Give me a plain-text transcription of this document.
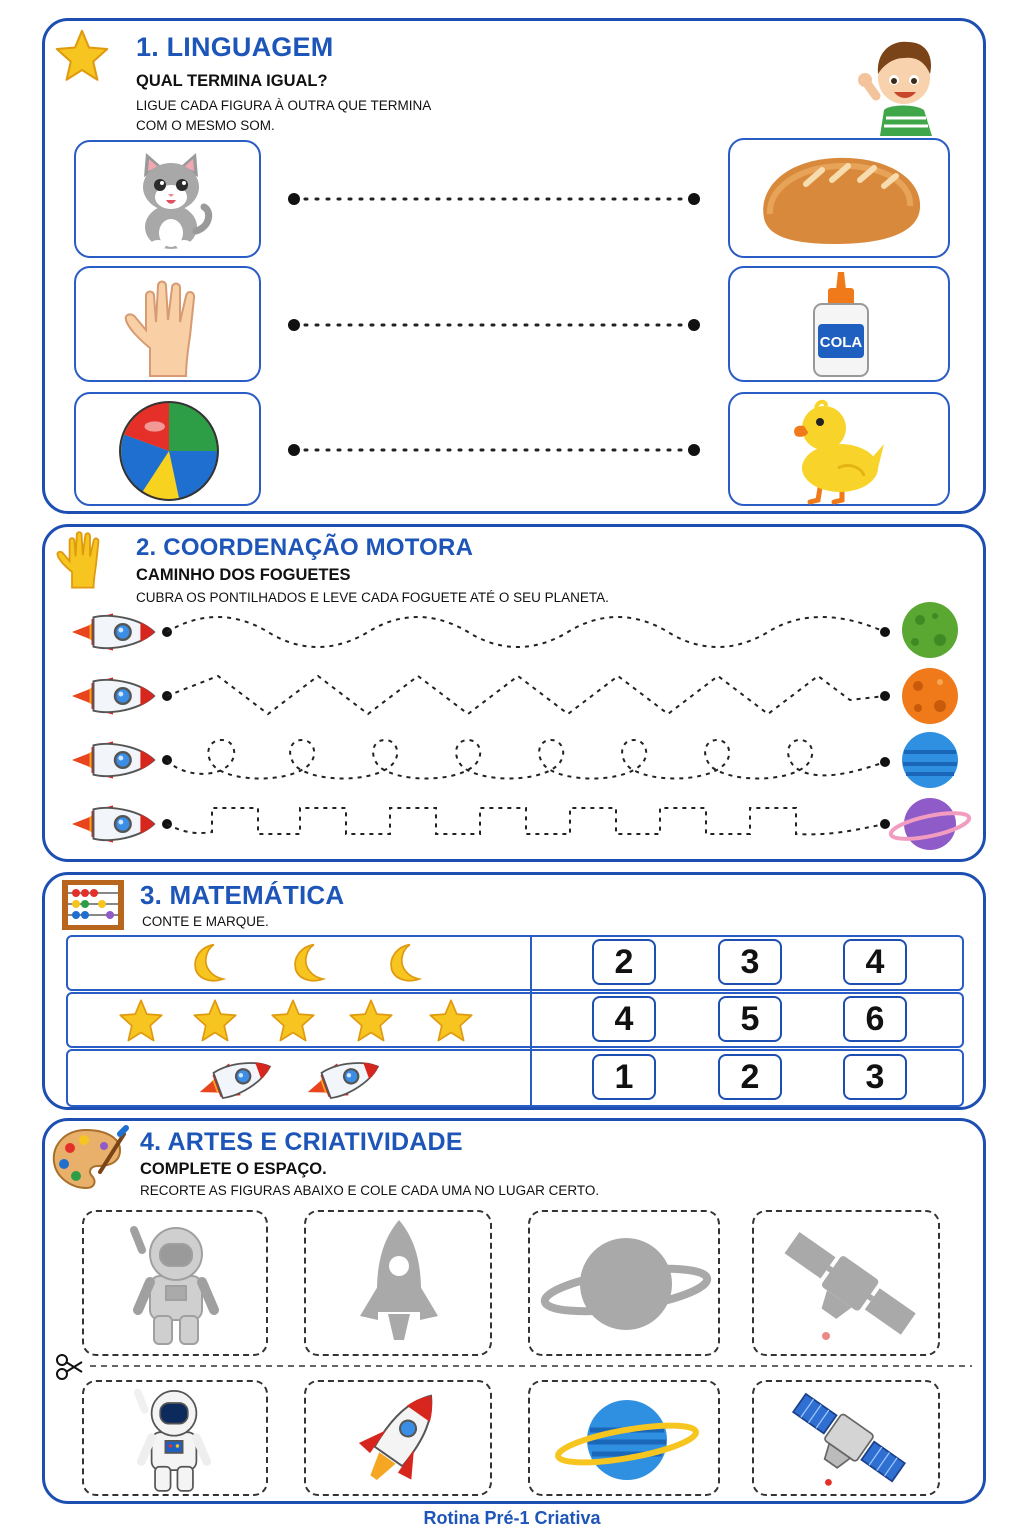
1. LINGUAGEM
QUAL TERMINA IGUAL?
LIGUE CADA FIGURA À OUTRA QUE TERMINA
COM O MESMO SOM.
COLA
2. COORDENAÇÃO MOTORA
CAMINHO DOS FOGUETES
CUBRA OS PONTILHADOS E LEVE CADA FOGUETE ATÉ O SEU PLANETA.
3. MATEMÁTICA
CONTE E MARQUE.
2	3	4
4	5	6
1	2	3
4. ARTES E CRIATIVIDADE
COMPLETE O ESPAÇO.
RECORTE AS FIGURAS ABAIXO E COLE CADA UMA NO LUGAR CERTO.
Rotina Pré-1 Criativa
